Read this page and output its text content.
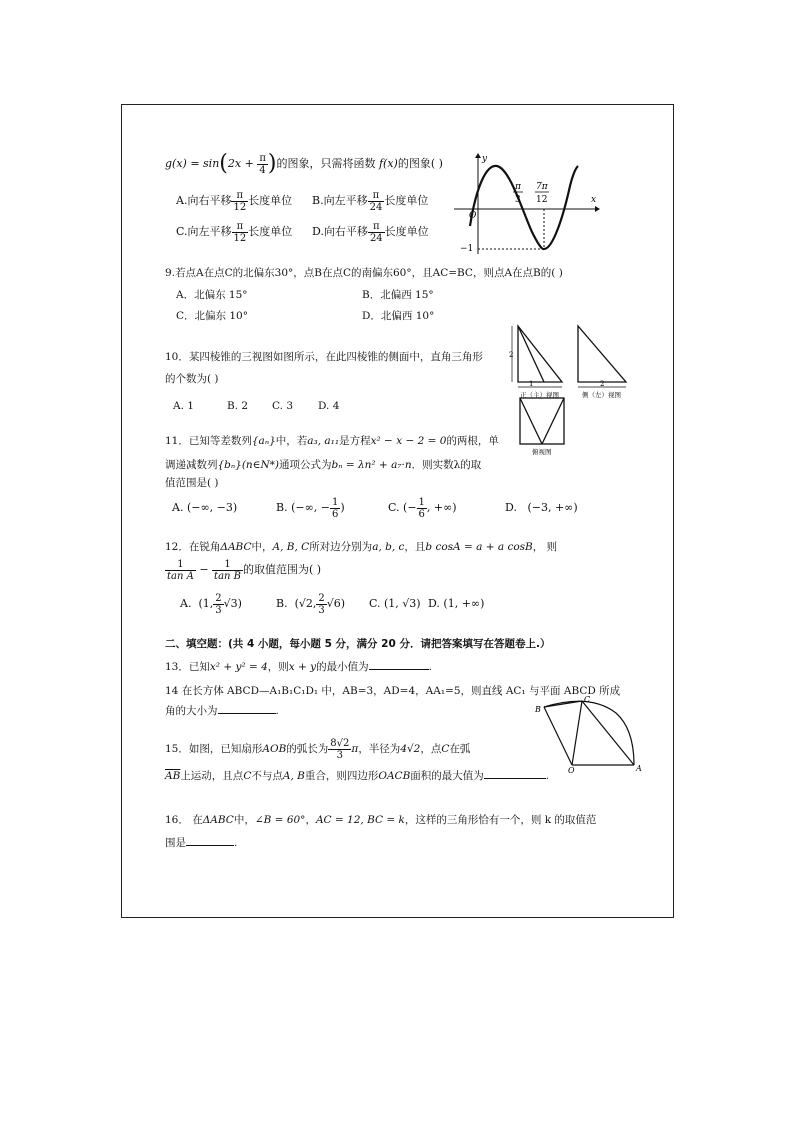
$g(x) = \sin(2x + \frac{\pi}{4}$ )的图象，只需将函数 f(x)的图象( )
A.向右平移 $\frac{\pi}{12}$ 长度单位 B.向左平移 $\frac{\pi}{24}$ 长度单位
C.向左平移 $\frac{\pi}{12}$ 长度单位 D.向右平移 $\frac{\pi}{24}$ 长度单位
y
x
O
−1
π
3
7π
12
9.若点A在点C的北偏东30°，点B在点C的南偏东60°，且AC=BC，则点A在点B的( )
A．北偏东 15°	B．北偏西 15°
C．北偏东 10°	D．北偏西 10°
10．某四棱锥的三视图如图所示，在此四棱锥的侧面中，直角三角形
的个数为( )
A. 1	B. 2 C. 3 D. 4
2
1
正（主）视图
2
侧（左）视图
俯视图
11．已知等差数列{aₙ}中，若a₃, a₁₁是方程x² − x − 2 = 0的两根，单
调递减数列{bₙ}(n∈N*)通项公式为bₙ = λn² + a₇·n．则实数λ的取
值范围是( )
A. (−∞, −3)	B. (−∞, − $\frac{1}{6}$ )	C. (− $\frac{1}{6}$ , +∞)	D. (−3, +∞)
12．在锐角ΔABC中，A, B, C所对边分别为a, b, c，且b cosA = a + a cosB， 则
$\frac{1}{\text{tan A}} - \frac{1}{\text{tan B}}$ 的取值范围为( )
A. (1, $\frac{2}{3} √3$)	B. (√2, $\frac{2}{3} √6$) C. (1, √3) D. (1, +∞)
二、填空题：(共 4 小题，每小题 5 分，满分 20 分．请把答案填写在答题卷上.）
13．已知x² + y² = 4，则x + y的最小值为	.
14 在长方体 ABCD—A₁B₁C₁D₁ 中，AB=3，AD=4，AA₁=5，则直线 AC₁ 与平面 ABCD 所成
角的大小为	.
15．如图，已知扇形AOB的弧长为 $\frac{8√2}{3}$ π，半径为4√2，点C在弧
$\overline{AB}$上运动，且点C不与点A, B重合，则四边形OACB面积的最大值为	.
B
C
O	A
16． 在ΔABC中，∠B = 60°，AC = 12, BC = k，这样的三角形恰有一个，则 k 的取值范
围是	.
